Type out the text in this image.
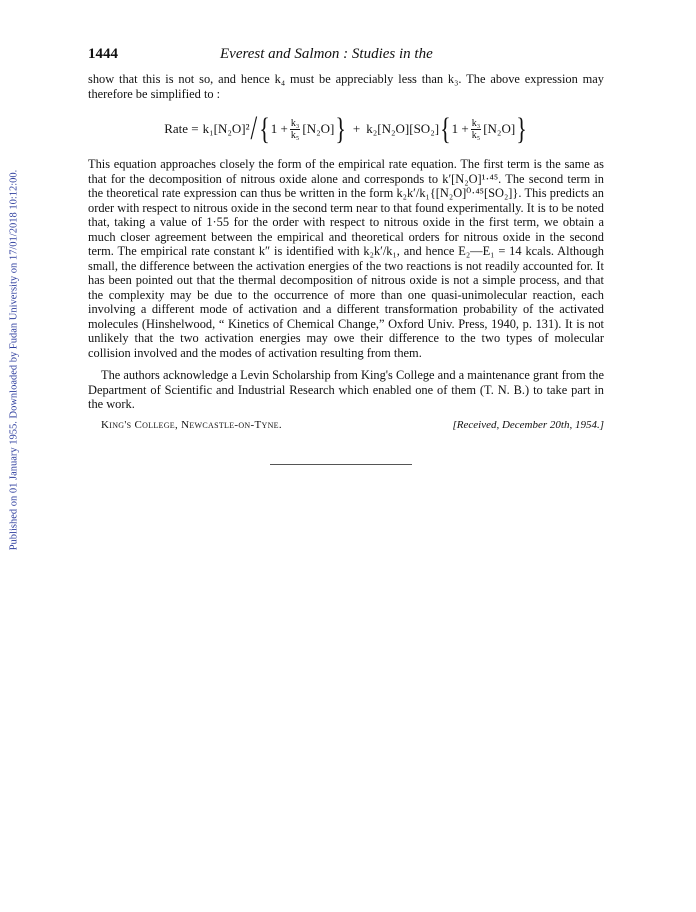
Published on 01 January 1955. Downloaded by Fudan University on 17/01/2018 10:12:00.
1444	Everest and Salmon : Studies in the

show that this is not so, and hence k₄ must be appreciably less than k₃. The above expression may therefore be simplified to :

Rate = k₁[N₂O]² / { $1 + \frac{\text{k₃}}{\text{k₅}} [N_2O]$ } + k₂[N₂O][SO₂] { $1 + \frac{\text{k₃}}{\text{k₅}} [N_2O]$ }

This equation approaches closely the form of the empirical rate equation. The first term is the same as that for the decomposition of nitrous oxide alone and corresponds to k′[N₂O]¹·⁴⁵. The second term in the theoretical rate expression can thus be written in the form k₂k′/k₁{[N₂O]⁰·⁴⁵[SO₂]}. This predicts an order with respect to nitrous oxide in the second term near to that found experimentally. It is to be noted that, taking a value of 1·55 for the order with respect to nitrous oxide in the first term, we obtain a much closer agreement between the empirical and theoretical orders for nitrous oxide in the second term. The empirical rate constant k″ is identified with k₂k′/k₁, and hence E₂—E₁ = 14 kcals. Although small, the difference between the activation energies of the two reactions is not readily accounted for. It has been pointed out that the thermal decomposition of nitrous oxide is not a simple process, and that the complexity may be due to the occurrence of more than one quasi-unimolecular reaction, each involving a different mode of activation and a different transformation probability of the activated molecules (Hinshelwood, “ Kinetics of Chemical Change,” Oxford Univ. Press, 1940, p. 131). It is not unlikely that the two activation energies may owe their difference to the two types of molecular collision involved and the modes of activation resulting from them.

The authors acknowledge a Levin Scholarship from King's College and a maintenance grant from the Department of Scientific and Industrial Research which enabled one of them (T. N. B.) to take part in the work.

King's College, Newcastle-on-Tyne.	[Received, December 20th, 1954.]
